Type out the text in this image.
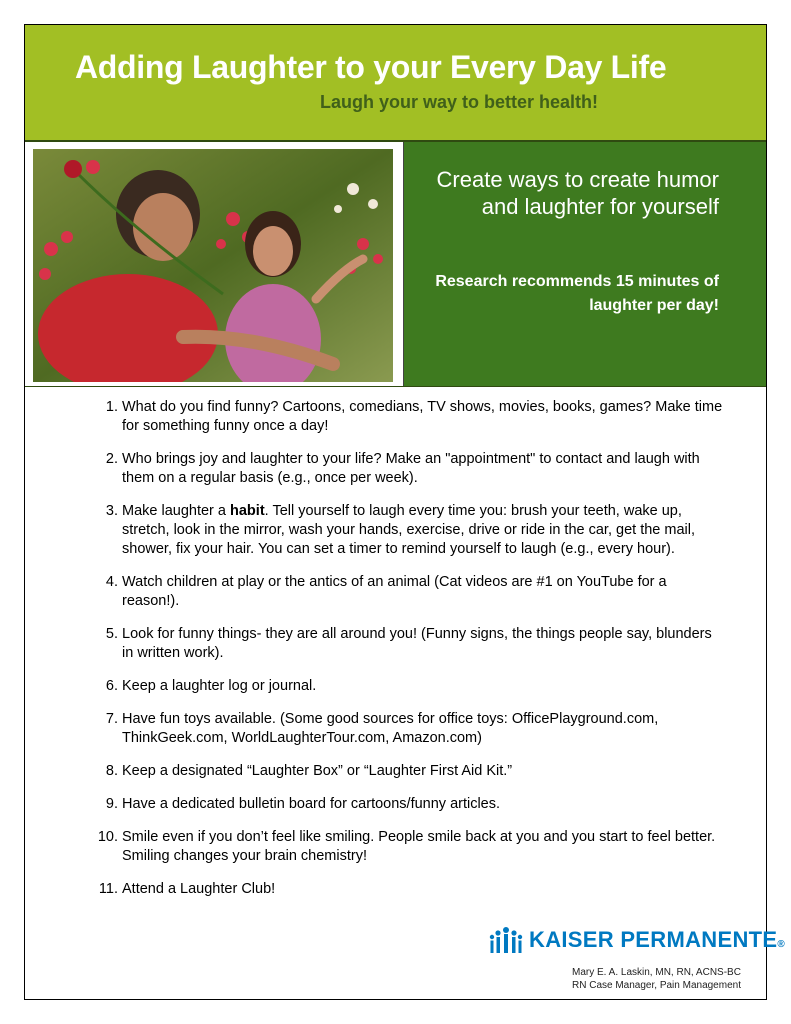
Adding Laughter to your Every Day Life
Laugh your way to better health!
Create ways to create humor and laughter for yourself
Research recommends 15 minutes of laughter per day!
1. What do you find funny? Cartoons, comedians, TV shows, movies, books, games? Make time for something funny once a day!
2. Who brings joy and laughter to your life? Make an "appointment" to contact and laugh with them on a regular basis (e.g., once per week).
3. Make laughter a habit. Tell yourself to laugh every time you: brush your teeth, wake up, stretch, look in the mirror, wash your hands, exercise, drive or ride in the car, get the mail, shower, fix your hair. You can set a timer to remind yourself to laugh (e.g., every hour).
4. Watch children at play or the antics of an animal (Cat videos are #1 on YouTube for a reason!).
5. Look for funny things- they are all around you! (Funny signs, the things people say, blunders in written work).
6. Keep a laughter log or journal.
7. Have fun toys available. (Some good sources for office toys: OfficePlayground.com, ThinkGeek.com, WorldLaughterTour.com, Amazon.com)
8. Keep a designated “Laughter Box” or “Laughter First Aid Kit.”
9. Have a dedicated bulletin board for cartoons/funny articles.
10. Smile even if you don’t feel like smiling. People smile back at you and you start to feel better. Smiling changes your brain chemistry!
11. Attend a Laughter Club!
KAISER PERMANENTE®
Mary E. A. Laskin, MN, RN, ACNS-BC
RN Case Manager, Pain Management
